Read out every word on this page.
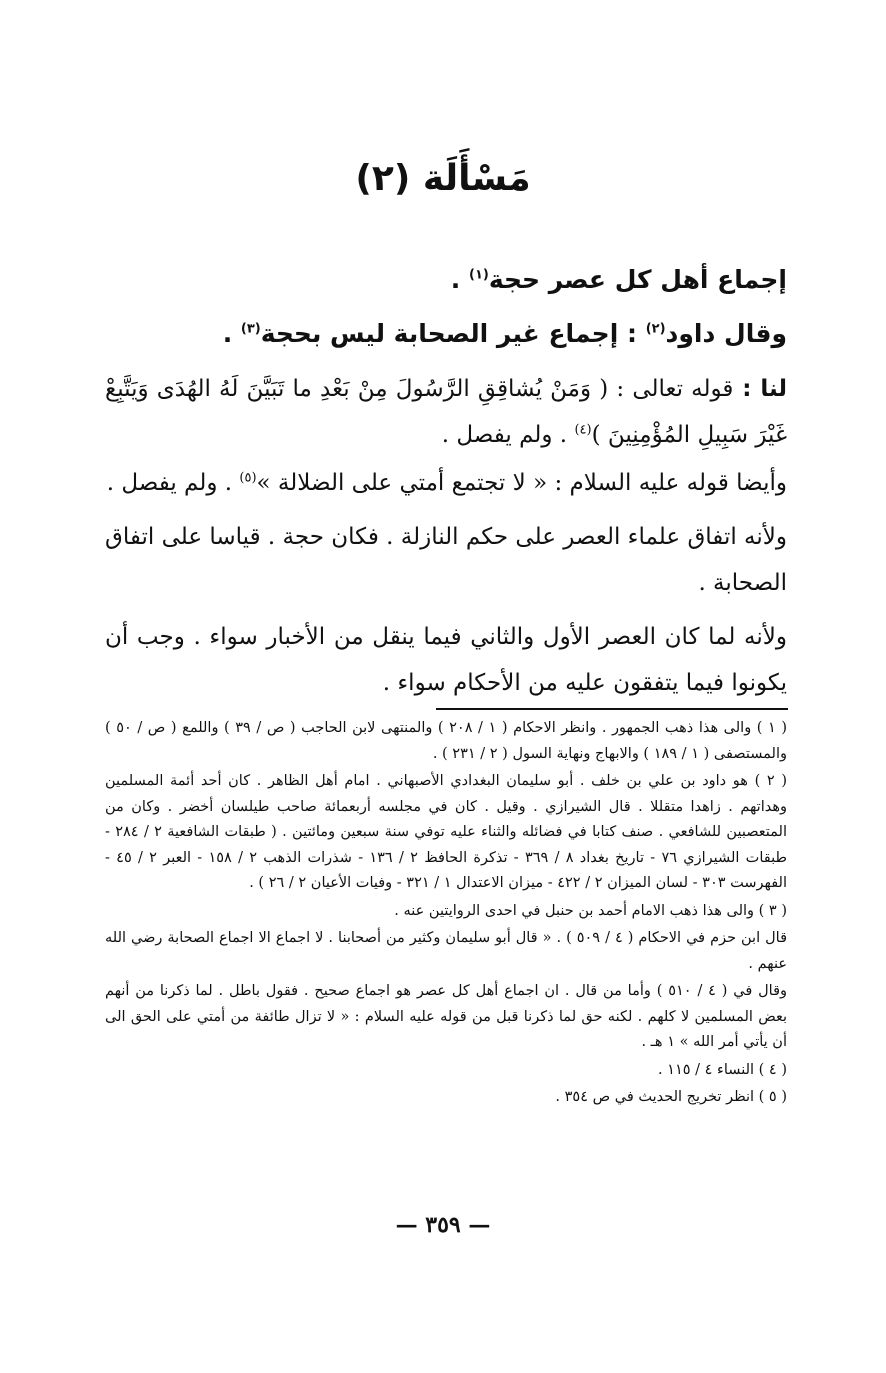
مَسْأَلَة (٢)

إجماع أهل كل عصر حجة$^{(١)}$ .

وقال داود$^{(٢)}$ : إجماع غير الصحابة ليس بحجة$^{(٣)}$ .

لنا : قوله تعالى : ( وَمَنْ يُشاقِقِ الرَّسُولَ مِنْ بَعْدِ ما تَبَيَّنَ لَهُ الهُدَى وَيَتَّبِعْ غَيْرَ سَبِيلِ المُؤْمِنِينَ )$^{(٤)}$ . ولم يفصل .

وأيضا قوله عليه السلام : « لا تجتمع أمتي على الضلالة »$^{(٥)}$ . ولم يفصل .

ولأنه اتفاق علماء العصر على حكم النازلة . فكان حجة . قياسا على اتفاق الصحابة .

ولأنه لما كان العصر الأول والثاني فيما ينقل من الأخبار سواء . وجب أن يكونوا فيما يتفقون عليه من الأحكام سواء .

( ١ ) والى هذا ذهب الجمهور . وانظر الاحكام ( ١ / ٢٠٨ ) والمنتهى لابن الحاجب ( ص / ٣٩ ) واللمع ( ص / ٥٠ ) والمستصفى ( ١ / ١٨٩ ) والابهاج ونهاية السول ( ٢ / ٢٣١ ) .

( ٢ ) هو داود بن علي بن خلف . أبو سليمان البغدادي الأصبهاني . امام أهل الظاهر . كان أحد أئمة المسلمين وهداتهم . زاهدا متقللا . قال الشيرازي . وقيل . كان في مجلسه أربعمائة صاحب طيلسان أخضر . وكان من المتعصبين للشافعي . صنف كتابا في فضائله والثناء عليه توفي سنة سبعين ومائتين . ( طبقات الشافعية ٢ / ٢٨٤ - طبقات الشيرازي ٧٦ - تاريخ بغداد ٨ / ٣٦٩ - تذكرة الحافظ ٢ / ١٣٦ - شذرات الذهب ٢ / ١٥٨ - العبر ٢ / ٤٥ - الفهرست ٣٠٣ - لسان الميزان ٢ / ٤٢٢ - ميزان الاعتدال ١ / ٣٢١ - وفيات الأعيان ٢ / ٢٦ ) .

( ٣ ) والى هذا ذهب الامام أحمد بن حنبل في احدى الروايتين عنه .

قال ابن حزم في الاحكام ( ٤ / ٥٠٩ ) . « قال أبو سليمان وكثير من أصحابنا . لا اجماع الا اجماع الصحابة رضي الله عنهم .

وقال في ( ٤ / ٥١٠ ) وأما من قال . ان اجماع أهل كل عصر هو اجماع صحيح . فقول باطل . لما ذكرنا من أنهم بعض المسلمين لا كلهم . لكنه حق لما ذكرنا قبل من قوله عليه السلام : « لا تزال طائفة من أمتي على الحق الى أن يأتي أمر الله » ١ هـ .

( ٤ ) النساء ٤ / ١١٥ .

( ٥ ) انظر تخريج الحديث في ص ٣٥٤ .

— ٣٥٩ —
